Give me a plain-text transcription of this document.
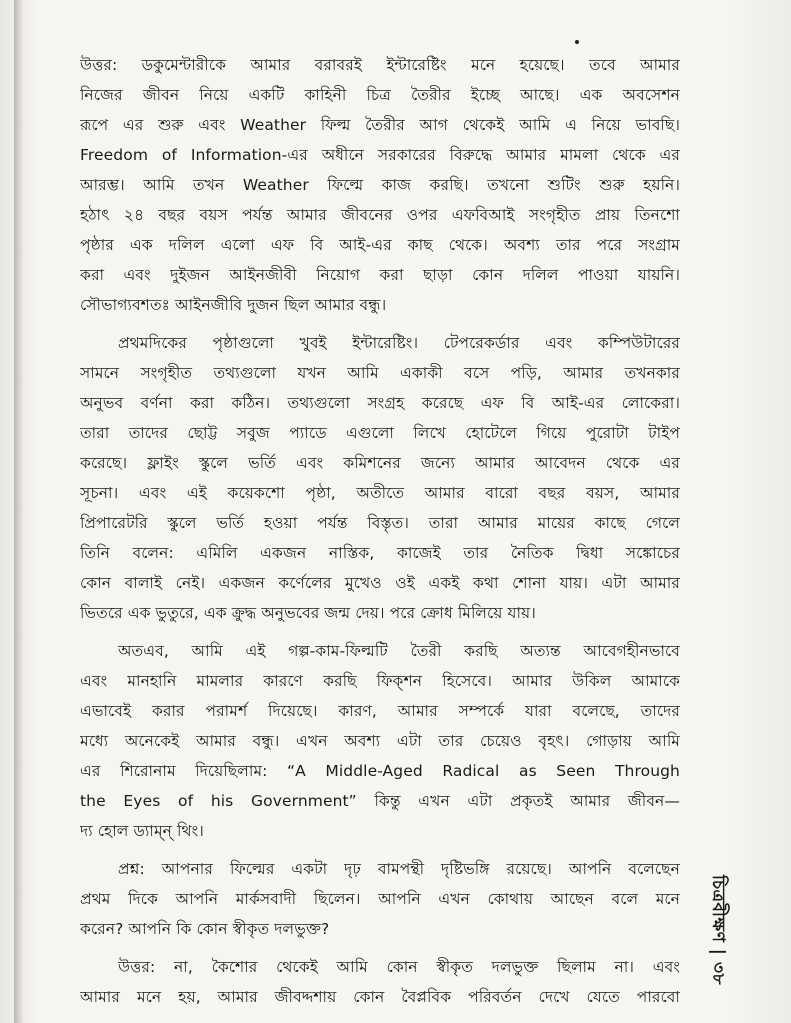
উত্তর: ডকুমেন্টারীকে আমার বরাবরই ইন্টারেষ্টিং মনে হয়েছে। তবে আমার
নিজের জীবন নিয়ে একটি কাহিনী চিত্র তৈরীর ইচ্ছে আছে। এক অবসেশন
রূপে এর শুরু এবং Weather ফিল্ম তৈরীর আগ থেকেই আমি এ নিয়ে ভাবছি।
Freedom of Information-এর অধীনে সরকারের বিরুদ্ধে আমার মামলা থেকে এর
আরম্ভ। আমি তখন Weather ফিল্মে কাজ করছি। তখনো শুটিং শুরু হয়নি।
হঠাৎ ২৪ বছর বয়স পর্যন্ত আমার জীবনের ওপর এফবিআই সংগৃহীত প্রায় তিনশো
পৃষ্ঠার এক দলিল এলো এফ বি আই-এর কাছ থেকে। অবশ্য তার পরে সংগ্রাম
করা এবং দুইজন আইনজীবী নিয়োগ করা ছাড়া কোন দলিল পাওয়া যায়নি।
সৌভাগ্যবশতঃ আইনজীবি দুজন ছিল আমার বন্ধু।
প্রথমদিকের পৃষ্ঠাগুলো খুবই ইন্টারেষ্টিং। টেপরেকর্ডার এবং কম্পিউটারের
সামনে সংগৃহীত তথ্যগুলো যখন আমি একাকী বসে পড়ি, আমার তখনকার
অনুভব বর্ণনা করা কঠিন। তথ্যগুলো সংগ্রহ করেছে এফ বি আই-এর লোকেরা।
তারা তাদের ছোট্ট সবুজ প্যাডে এগুলো লিখে হোটেলে গিয়ে পুরোটা টাইপ
করেছে। ফ্লাইং স্কুলে ভর্তি এবং কমিশনের জন্যে আমার আবেদন থেকে এর
সূচনা। এবং এই কয়েকশো পৃষ্ঠা, অতীতে আমার বারো বছর বয়স, আমার
প্রিপারেটরি স্কুলে ভর্তি হওয়া পর্যন্ত বিস্তৃত। তারা আমার মায়ের কাছে গেলে
তিনি বলেন: এমিলি একজন নাস্তিক, কাজেই তার নৈতিক দ্বিধা সঙ্কোচের
কোন বালাই নেই। একজন কর্ণেলের মুখেও ওই একই কথা শোনা যায়। এটা আমার
ভিতরে এক ভুতুরে, এক ক্রুদ্ধ অনুভবের জন্ম দেয়। পরে ক্রোধ মিলিয়ে যায়।
অতএব, আমি এই গল্প-কাম-ফিল্মটি তৈরী করছি অত্যন্ত আবেগহীনভাবে
এবং মানহানি মামলার কারণে করছি ফিক্‌শন হিসেবে। আমার উকিল আমাকে
এভাবেই করার পরামর্শ দিয়েছে। কারণ, আমার সম্পর্কে যারা বলেছে, তাদের
মধ্যে অনেকেই আমার বন্ধু। এখন অবশ্য এটা তার চেয়েও বৃহৎ। গোড়ায় আমি
এর শিরোনাম দিয়েছিলাম: “A Middle-Aged Radical as Seen Through
the Eyes of his Government” কিন্তু এখন এটা প্রকৃতই আমার জীবন—
দ্য হোল ড্যাম্‌ন্‌ থিং।
প্রশ্ন: আপনার ফিল্মের একটা দৃঢ় বামপন্থী দৃষ্টিভঙ্গি রয়েছে। আপনি বলেছেন
প্রথম দিকে আপনি মার্কসবাদী ছিলেন। আপনি এখন কোথায় আছেন বলে মনে
করেন? আপনি কি কোন স্বীকৃত দলভুক্ত?
উত্তর: না, কৈশোর থেকেই আমি কোন স্বীকৃত দলভুক্ত ছিলাম না। এবং
আমার মনে হয়, আমার জীবদ্দশায় কোন বৈপ্লবিক পরিবর্তন দেখে যেতে পারবো
চিত্রবীক্ষণ | ৩৮
